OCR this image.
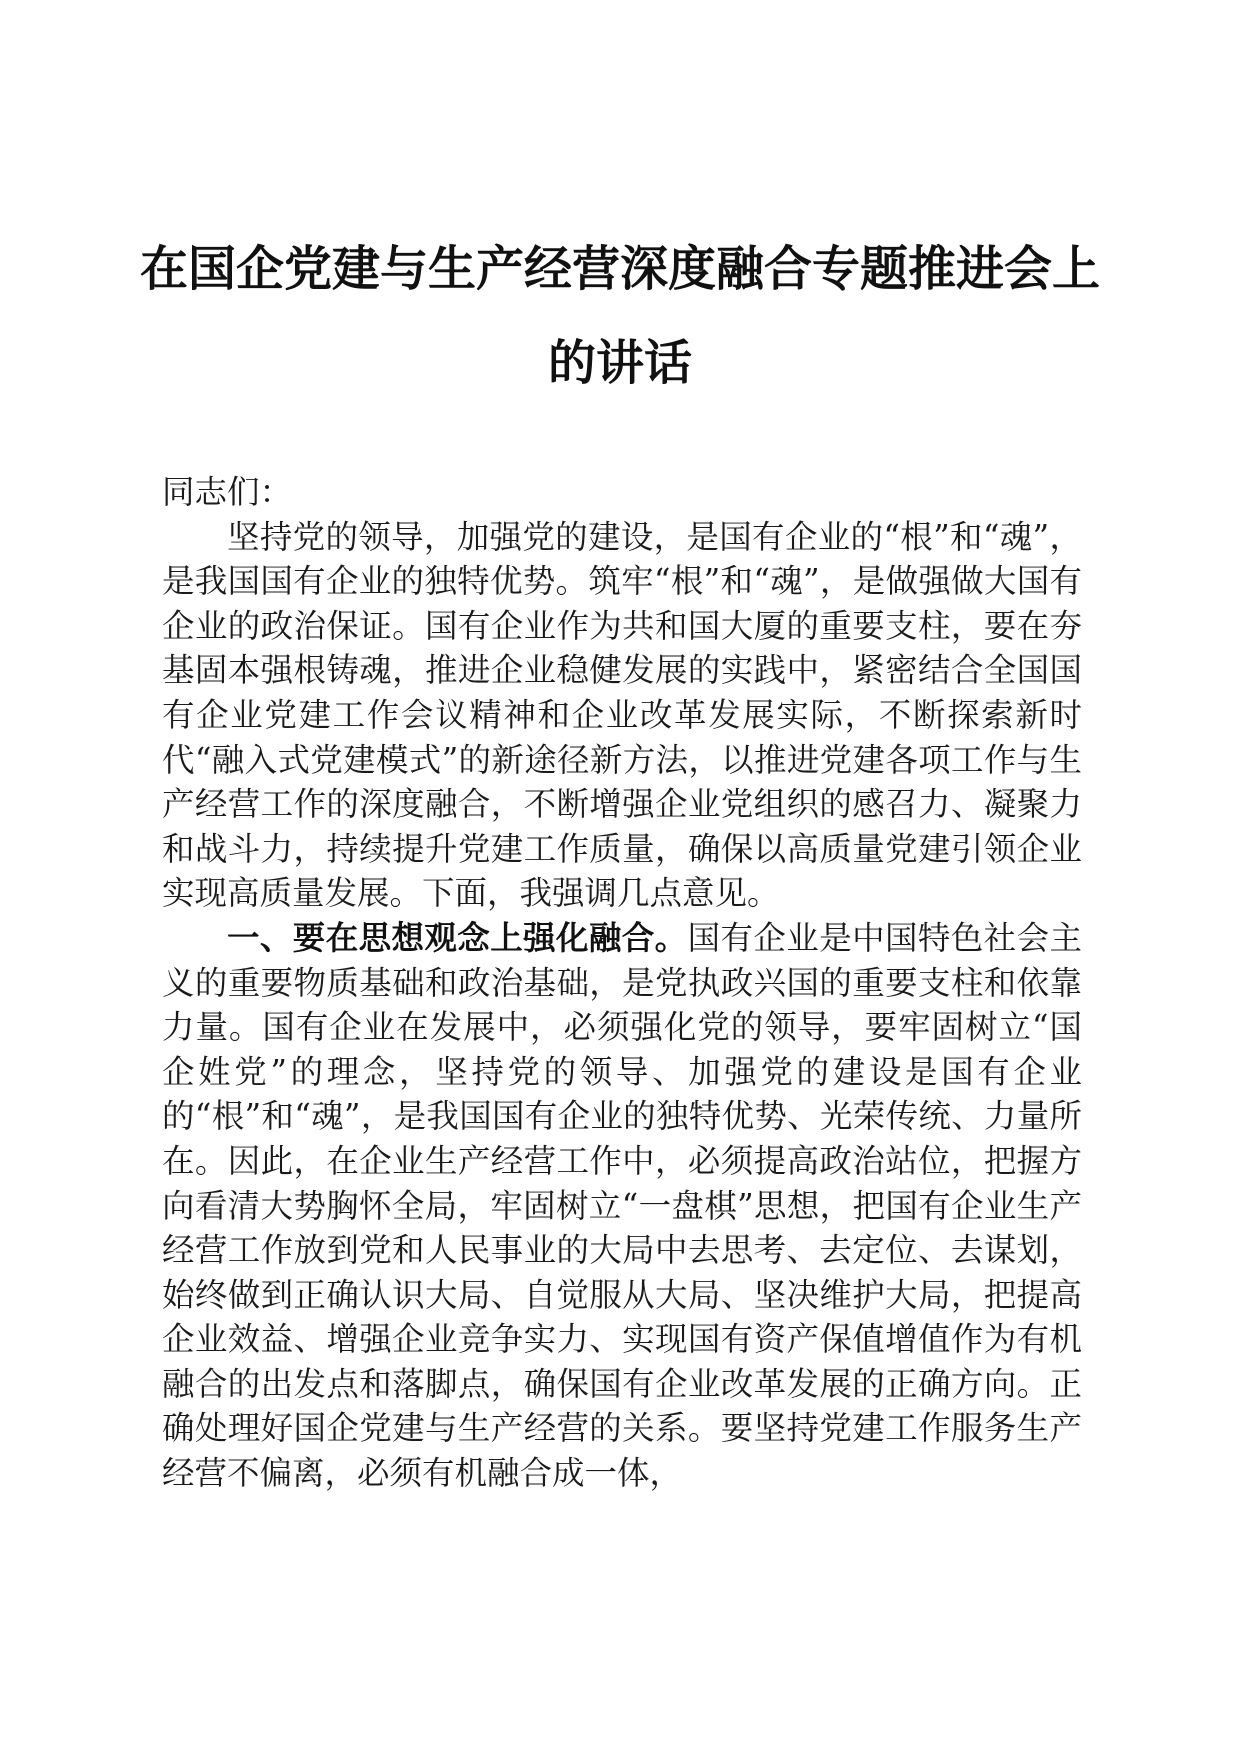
在国企党建与生产经营深度融合专题推进会上
的讲话

同志们：

坚持党的领导，加强党的建设，是国有企业的“根”和“魂”，是我国国有企业的独特优势。筑牢“根”和“魂”，是做强做大国有企业的政治保证。国有企业作为共和国大厦的重要支柱，要在夯基固本强根铸魂，推进企业稳健发展的实践中，紧密结合全国国有企业党建工作会议精神和企业改革发展实际，不断探索新时代“融入式党建模式”的新途径新方法，以推进党建各项工作与生产经营工作的深度融合，不断增强企业党组织的感召力、凝聚力和战斗力，持续提升党建工作质量，确保以高质量党建引领企业实现高质量发展。下面，我强调几点意见。

一、要在思想观念上强化融合。国有企业是中国特色社会主义的重要物质基础和政治基础，是党执政兴国的重要支柱和依靠力量。国有企业在发展中，必须强化党的领导，要牢固树立“国企姓党”的理念，坚持党的领导、加强党的建设是国有企业的“根”和“魂”，是我国国有企业的独特优势、光荣传统、力量所在。因此，在企业生产经营工作中，必须提高政治站位，把握方向看清大势胸怀全局，牢固树立“一盘棋”思想，把国有企业生产经营工作放到党和人民事业的大局中去思考、去定位、去谋划，始终做到正确认识大局、自觉服从大局、坚决维护大局，把提高企业效益、增强企业竞争实力、实现国有资产保值增值作为有机融合的出发点和落脚点，确保国有企业改革发展的正确方向。正确处理好国企党建与生产经营的关系。要坚持党建工作服务生产经营不偏离，必须有机融合成一体，
